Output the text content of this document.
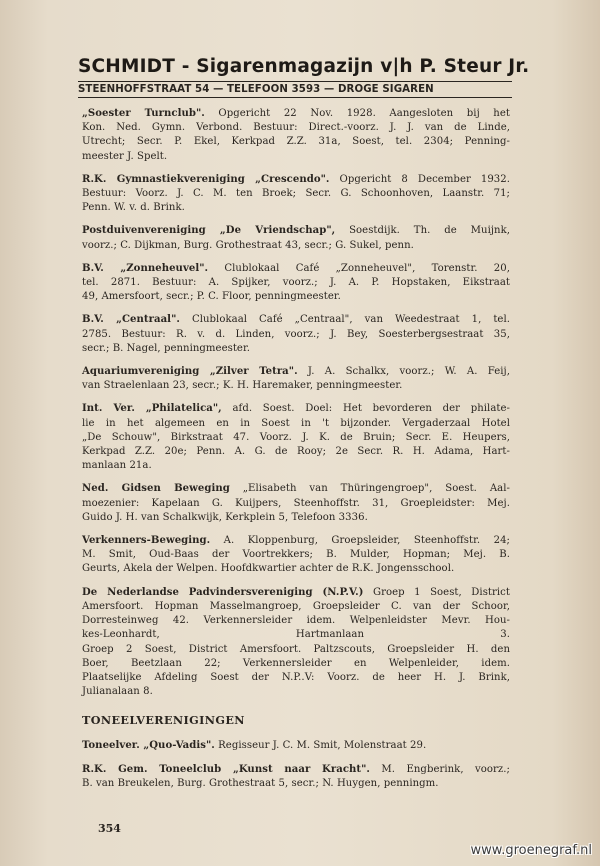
SCHMIDT - Sigarenmagazijn v|h P. Steur Jr.
STEENHOFFSTRAAT 54 — TELEFOON 3593 — DROGE SIGAREN

„Soester Turnclub". Opgericht 22 Nov. 1928. Aangesloten bij het

Kon. Ned. Gymn. Verbond. Bestuur: Direct.-voorz. J. J. van de Linde,

Utrecht; Secr. P. Ekel, Kerkpad Z.Z. 31a, Soest, tel. 2304; Penning-

meester J. Spelt.

R.K. Gymnastiekvereniging „Crescendo". Opgericht 8 December 1932.

Bestuur: Voorz. J. C. M. ten Broek; Secr. G. Schoonhoven, Laanstr. 71;

Penn. W. v. d. Brink.

Postduivenvereniging „De Vriendschap", Soestdijk. Th. de Muijnk,

voorz.; C. Dijkman, Burg. Grothestraat 43, secr.; G. Sukel, penn.

B.V. „Zonneheuvel". Clublokaal Café „Zonneheuvel", Torenstr. 20,

tel. 2871. Bestuur: A. Spijker, voorz.; J. A. P. Hopstaken, Eikstraat

49, Amersfoort, secr.; P. C. Floor, penningmeester.

B.V. „Centraal". Clublokaal Café „Centraal", van Weedestraat 1, tel.

2785. Bestuur: R. v. d. Linden, voorz.; J. Bey, Soesterbergsestraat 35,

secr.; B. Nagel, penningmeester.

Aquariumvereniging „Zilver Tetra". J. A. Schalkx, voorz.; W. A. Feij,

van Straelenlaan 23, secr.; K. H. Haremaker, penningmeester.

Int. Ver. „Philatelica", afd. Soest. Doel: Het bevorderen der philate-

lie in het algemeen en in Soest in 't bijzonder. Vergaderzaal Hotel

„De Schouw", Birkstraat 47. Voorz. J. K. de Bruin; Secr. E. Heupers,

Kerkpad Z.Z. 20e; Penn. A. G. de Rooy; 2e Secr. R. H. Adama, Hart-

manlaan 21a.

Ned. Gidsen Beweging „Elisabeth van Thüringengroep", Soest. Aal-

moezenier: Kapelaan G. Kuijpers, Steenhoffstr. 31, Groepleidster: Mej.

Guido J. H. van Schalkwijk, Kerkplein 5, Telefoon 3336.

Verkenners-Beweging. A. Kloppenburg, Groepsleider, Steenhoffstr. 24;

M. Smit, Oud-Baas der Voortrekkers; B. Mulder, Hopman; Mej. B.

Geurts, Akela der Welpen. Hoofdkwartier achter de R.K. Jongensschool.

De Nederlandse Padvindersvereniging (N.P.V.) Groep 1 Soest, District

Amersfoort. Hopman Masselmangroep, Groepsleider C. van der Schoor,

Dorresteinweg 42. Verkennersleider idem. Welpenleidster Mevr. Hou-

kes-Leonhardt, Hartmanlaan 3.

Groep 2 Soest, District Amersfoort. Paltzscouts, Groepsleider H. den

Boer, Beetzlaan 22; Verkennersleider en Welpenleider, idem.

Plaatselijke Afdeling Soest der N.P..V: Voorz. de heer H. J. Brink,

Julianalaan 8.

TONEELVERENIGINGEN

Toneelver. „Quo-Vadis". Regisseur J. C. M. Smit, Molenstraat 29.

R.K. Gem. Toneelclub „Kunst naar Kracht". M. Engberink, voorz.;

B. van Breukelen, Burg. Grothestraat 5, secr.; N. Huygen, penningm.

354
www.groenegraf.nl
